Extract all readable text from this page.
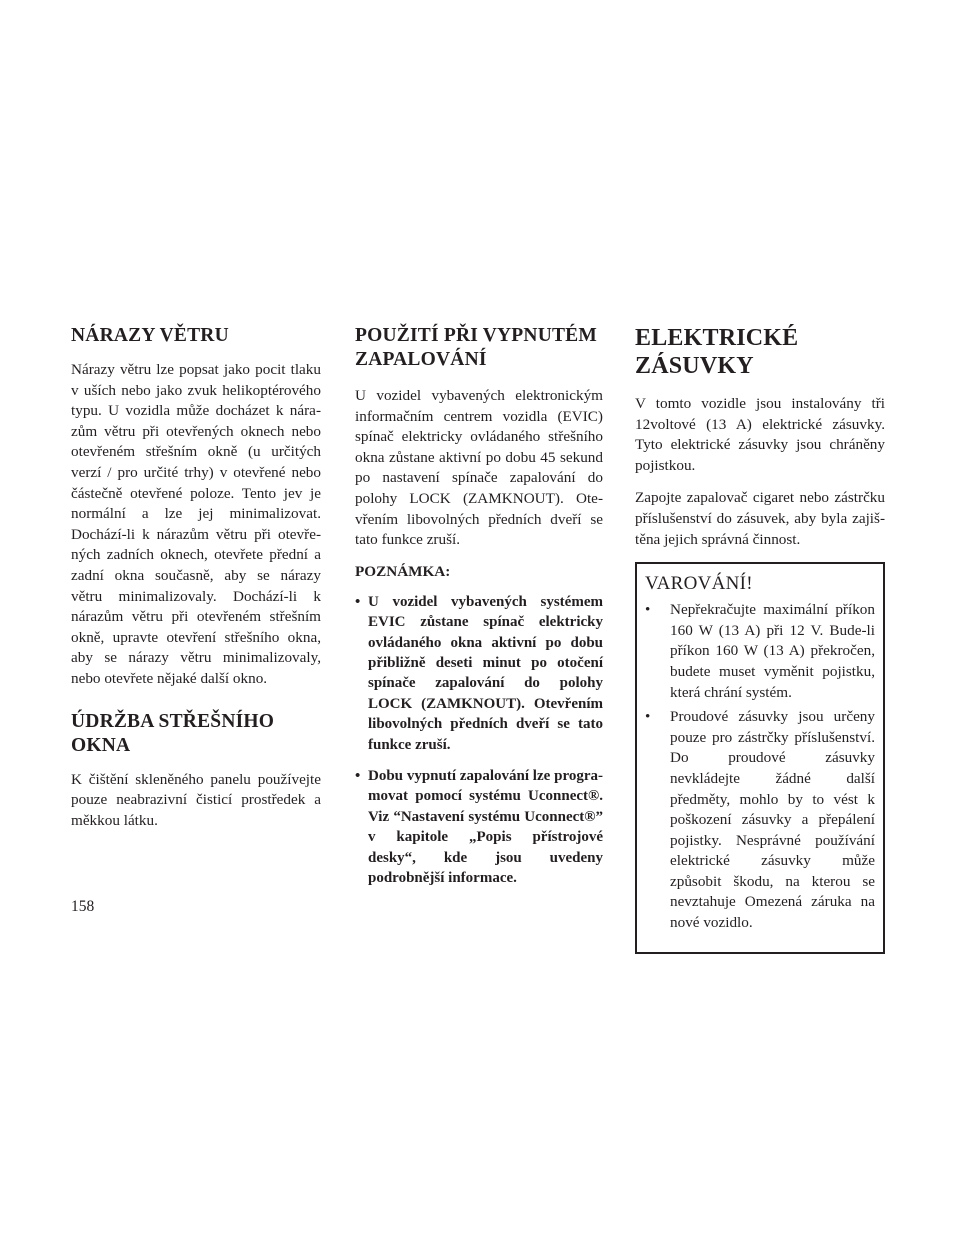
NÁRAZY VĚTRU

Nárazy větru lze popsat jako pocit tlaku v uších nebo jako zvuk helikoptérového typu. U vozidla může docházet k nárazům větru při otevřených oknech nebo otevřeném střešním okně (u určitých verzí / pro určité trhy) v otevřené nebo částečně otevřené poloze. Tento jev je normální a lze jej minimalizovat. Dochází-li k nárazům větru při otevřených zadních oknech, otevřete přední a zadní okna současně, aby se nárazy větru minimalizovaly. Dochází-li k nárazům větru při otevřeném střešním okně, upravte otevření střešního okna, aby se nárazy větru minimalizovaly, nebo otevřete nějaké další okno.

ÚDRŽBA STŘEŠNÍHO OKNA

K čištění skleněného panelu používejte pouze neabrazivní čisticí prostředek a měkkou látku.

POUŽITÍ PŘI VYPNUTÉM ZAPALOVÁNÍ

U vozidel vybavených elektronickým informačním centrem vozidla (EVIC) spínač elektricky ovládaného střešního okna zůstane aktivní po dobu 45 sekund po nastavení spínače zapalování do polohy LOCK (ZAMKNOUT). Otevřením libovolných předních dveří se tato funkce zruší.

POZNÁMKA:
• U vozidel vybavených systémem EVIC zůstane spínač elektricky ovládaného okna aktivní po dobu přibližně deseti minut po otočení spínače zapalování do polohy LOCK (ZAMKNOUT). Otevřením libovolných předních dveří se tato funkce zruší.
• Dobu vypnutí zapalování lze programovat pomocí systému Uconnect®. Viz “Nastavení systému Uconnect®” v kapitole „Popis přístrojové desky“, kde jsou uvedeny podrobnější informace.
ELEKTRICKÉ ZÁSUVKY

V tomto vozidle jsou instalovány tři 12voltové (13 A) elektrické zásuvky. Tyto elektrické zásuvky jsou chráněny pojistkou.

Zapojte zapalovač cigaret nebo zástrčku příslušenství do zásuvek, aby byla zajištěna jejich správná činnost.

VAROVÁNÍ!
• Nepřekračujte maximální příkon 160 W (13 A) při 12 V. Bude-li příkon 160 W (13 A) překročen, budete muset vyměnit pojistku, která chrání systém.
• Proudové zásuvky jsou určeny pouze pro zástrčky příslušenství. Do proudové zásuvky nevkládejte žádné další předměty, mohlo by to vést k poškození zásuvky a přepálení pojistky. Nesprávné používání elektrické zásuvky může způsobit škodu, na kterou se nevztahuje Omezená záruka na nové vozidlo.
158
